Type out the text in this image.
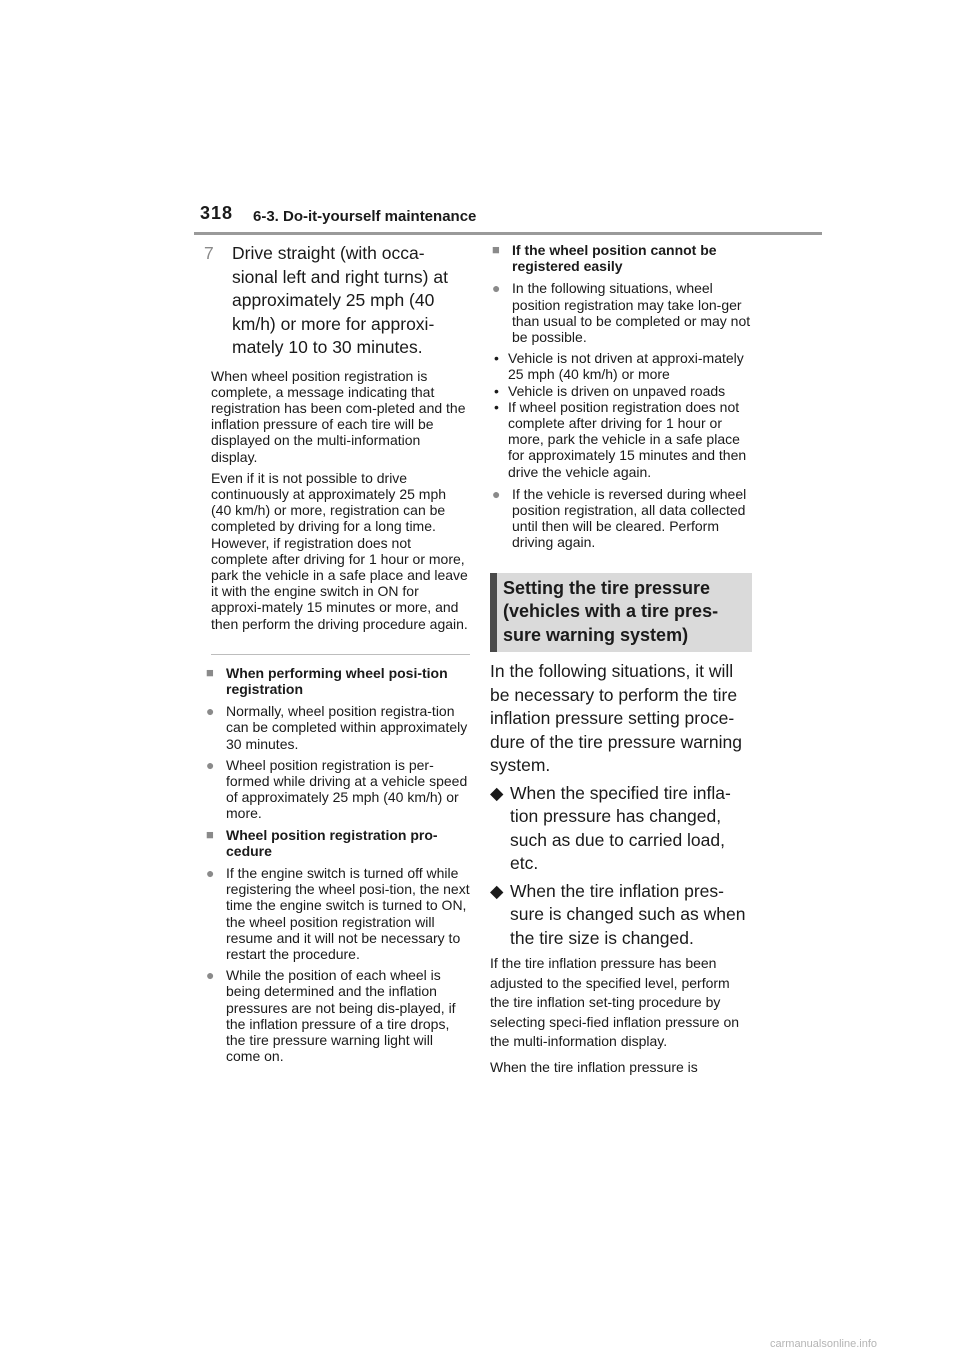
318 6-3. Do-it-yourself maintenance
7 Drive straight (with occa-sional left and right turns) at approximately 25 mph (40 km/h) or more for approxi-mately 10 to 30 minutes.

When wheel position registration is complete, a message indicating that registration has been com-pleted and the inflation pressure of each tire will be displayed on the multi-information display.

Even if it is not possible to drive continuously at approximately 25 mph (40 km/h) or more, registration can be completed by driving for a long time. However, if registration does not complete after driving for 1 hour or more, park the vehicle in a safe place and leave it with the engine switch in ON for approxi-mately 15 minutes or more, and then perform the driving procedure again.

■ When performing wheel posi-tion registration
● Normally, wheel position registra-tion can be completed within approximately 30 minutes.
● Wheel position registration is per-formed while driving at a vehicle speed of approximately 25 mph (40 km/h) or more.
■ Wheel position registration pro-cedure
● If the engine switch is turned off while registering the wheel posi-tion, the next time the engine switch is turned to ON, the wheel position registration will resume and it will not be necessary to restart the procedure.
● While the position of each wheel is being determined and the inflation pressures are not being dis-played, if the inflation pressure of a tire drops, the tire pressure warning light will come on.
■ If the wheel position cannot be registered easily
● In the following situations, wheel position registration may take lon-ger than usual to be completed or may not be possible.
• Vehicle is not driven at approxi-mately 25 mph (40 km/h) or more
• Vehicle is driven on unpaved roads
• If wheel position registration does not complete after driving for 1 hour or more, park the vehicle in a safe place for approximately 15 minutes and then drive the vehicle again.
● If the vehicle is reversed during wheel position registration, all data collected until then will be cleared. Perform driving again.
Setting the tire pressure (vehicles with a tire pres-sure warning system)

In the following situations, it will be necessary to perform the tire inflation pressure setting proce-dure of the tire pressure warning system.

◆ When the specified tire infla-tion pressure has changed, such as due to carried load, etc.
◆ When the tire inflation pres-sure is changed such as when the tire size is changed.

If the tire inflation pressure has been adjusted to the specified level, perform the tire inflation set-ting procedure by selecting speci-fied inflation pressure on the multi-information display.

When the tire inflation pressure is

carmanualsonline.info
